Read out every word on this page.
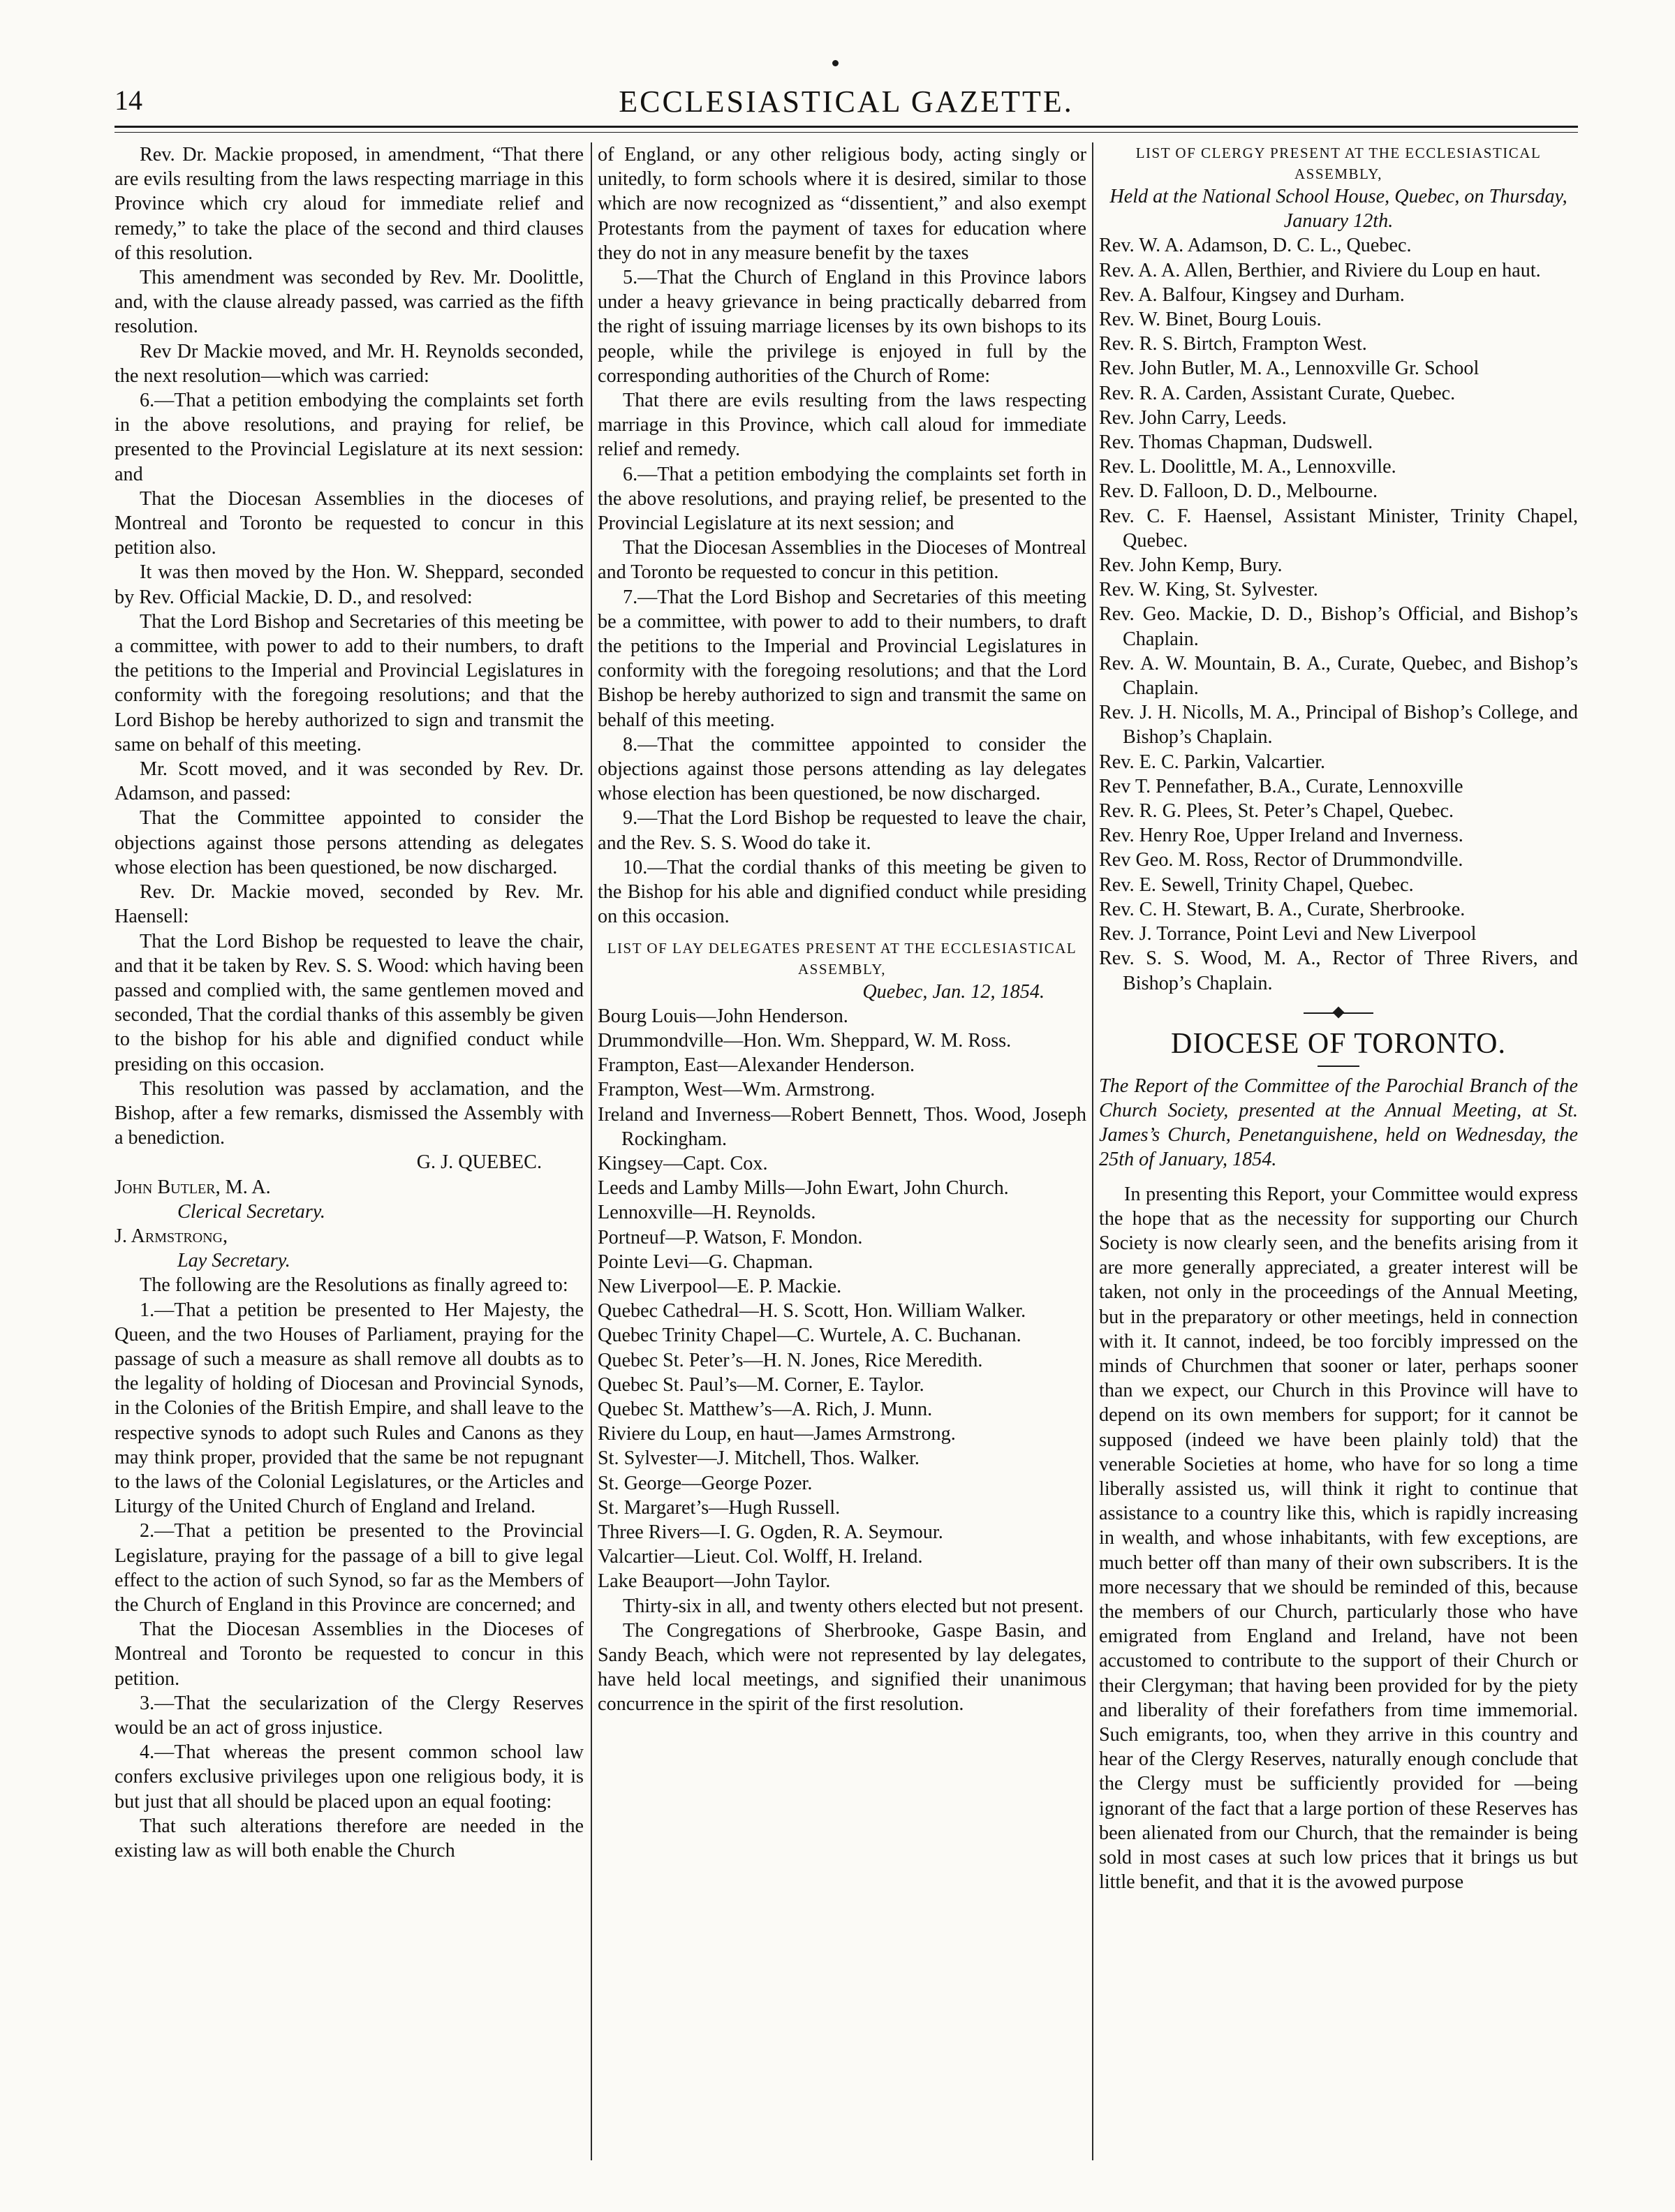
14	ECCLESIASTICAL GAZETTE.

Rev. Dr. Mackie proposed, in amendment, “That there are evils resulting from the laws respecting marriage in this Province which cry aloud for immediate relief and remedy,” to take the place of the second and third clauses of this resolution.

This amendment was seconded by Rev. Mr. Doolittle, and, with the clause already passed, was carried as the fifth resolution.

Rev Dr Mackie moved, and Mr. H. Reynolds seconded, the next resolution—which was carried:

6.—That a petition embodying the complaints set forth in the above resolutions, and praying for relief, be presented to the Provincial Legislature at its next session: and

That the Diocesan Assemblies in the dioceses of Montreal and Toronto be requested to concur in this petition also.

It was then moved by the Hon. W. Sheppard, seconded by Rev. Official Mackie, D. D., and resolved:

That the Lord Bishop and Secretaries of this meeting be a committee, with power to add to their numbers, to draft the petitions to the Imperial and Provincial Legislatures in conformity with the foregoing resolutions; and that the Lord Bishop be hereby authorized to sign and transmit the same on behalf of this meeting.

Mr. Scott moved, and it was seconded by Rev. Dr. Adamson, and passed:

That the Committee appointed to consider the objections against those persons attending as delegates whose election has been questioned, be now discharged.

Rev. Dr. Mackie moved, seconded by Rev. Mr. Haensell:

That the Lord Bishop be requested to leave the chair, and that it be taken by Rev. S. S. Wood: which having been passed and complied with, the same gentlemen moved and seconded, That the cordial thanks of this assembly be given to the bishop for his able and dignified conduct while presiding on this occasion.

This resolution was passed by acclamation, and the Bishop, after a few remarks, dismissed the Assembly with a benediction.

G. J. QUEBEC.

John Butler, M. A.

Clerical Secretary.

J. Armstrong,

Lay Secretary.

The following are the Resolutions as finally agreed to:

1.—That a petition be presented to Her Majesty, the Queen, and the two Houses of Parliament, praying for the passage of such a measure as shall remove all doubts as to the legality of holding of Diocesan and Provincial Synods, in the Colonies of the British Empire, and shall leave to the respective synods to adopt such Rules and Canons as they may think proper, provided that the same be not repugnant to the laws of the Colonial Legislatures, or the Articles and Liturgy of the United Church of England and Ireland.

2.—That a petition be presented to the Provincial Legislature, praying for the passage of a bill to give legal effect to the action of such Synod, so far as the Members of the Church of England in this Province are concerned; and

That the Diocesan Assemblies in the Dioceses of Montreal and Toronto be requested to concur in this petition.

3.—That the secularization of the Clergy Reserves would be an act of gross injustice.

4.—That whereas the present common school law confers exclusive privileges upon one religious body, it is but just that all should be placed upon an equal footing:

That such alterations therefore are needed in the existing law as will both enable the Church

of England, or any other religious body, acting singly or unitedly, to form schools where it is desired, similar to those which are now recognized as “dissentient,” and also exempt Protestants from the payment of taxes for education where they do not in any measure benefit by the taxes

5.—That the Church of England in this Province labors under a heavy grievance in being practically debarred from the right of issuing marriage licenses by its own bishops to its people, while the privilege is enjoyed in full by the corresponding authorities of the Church of Rome:

That there are evils resulting from the laws respecting marriage in this Province, which call aloud for immediate relief and remedy.

6.—That a petition embodying the complaints set forth in the above resolutions, and praying relief, be presented to the Provincial Legislature at its next session; and

That the Diocesan Assemblies in the Dioceses of Montreal and Toronto be requested to concur in this petition.

7.—That the Lord Bishop and Secretaries of this meeting be a committee, with power to add to their numbers, to draft the petitions to the Imperial and Provincial Legislatures in conformity with the foregoing resolutions; and that the Lord Bishop be hereby authorized to sign and transmit the same on behalf of this meeting.

8.—That the committee appointed to consider the objections against those persons attending as lay delegates whose election has been questioned, be now discharged.

9.—That the Lord Bishop be requested to leave the chair, and the Rev. S. S. Wood do take it.

10.—That the cordial thanks of this meeting be given to the Bishop for his able and dignified conduct while presiding on this occasion.

LIST OF LAY DELEGATES PRESENT AT THE ECCLESIASTICAL ASSEMBLY,

Quebec, Jan. 12, 1854.

Bourg Louis—John Henderson.

Drummondville—Hon. Wm. Sheppard, W. M. Ross.

Frampton, East—Alexander Henderson.

Frampton, West—Wm. Armstrong.

Ireland and Inverness—Robert Bennett, Thos. Wood, Joseph Rockingham.

Kingsey—Capt. Cox.

Leeds and Lamby Mills—John Ewart, John Church.

Lennoxville—H. Reynolds.

Portneuf—P. Watson, F. Mondon.

Pointe Levi—G. Chapman.

New Liverpool—E. P. Mackie.

Quebec Cathedral—H. S. Scott, Hon. William Walker.

Quebec Trinity Chapel—C. Wurtele, A. C. Buchanan.

Quebec St. Peter’s—H. N. Jones, Rice Meredith.

Quebec St. Paul’s—M. Corner, E. Taylor.

Quebec St. Matthew’s—A. Rich, J. Munn.

Riviere du Loup, en haut—James Armstrong.

St. Sylvester—J. Mitchell, Thos. Walker.

St. George—George Pozer.

St. Margaret’s—Hugh Russell.

Three Rivers—I. G. Ogden, R. A. Seymour.

Valcartier—Lieut. Col. Wolff, H. Ireland.

Lake Beauport—John Taylor.

Thirty-six in all, and twenty others elected but not present.

The Congregations of Sherbrooke, Gaspe Basin, and Sandy Beach, which were not represented by lay delegates, have held local meetings, and signified their unanimous concurrence in the spirit of the first resolution.

LIST OF CLERGY PRESENT AT THE ECCLESIASTICAL ASSEMBLY,

Held at the National School House, Quebec, on Thursday, January 12th.

Rev. W. A. Adamson, D. C. L., Quebec.

Rev. A. A. Allen, Berthier, and Riviere du Loup en haut.

Rev. A. Balfour, Kingsey and Durham.

Rev. W. Binet, Bourg Louis.

Rev. R. S. Birtch, Frampton West.

Rev. John Butler, M. A., Lennoxville Gr. School

Rev. R. A. Carden, Assistant Curate, Quebec.

Rev. John Carry, Leeds.

Rev. Thomas Chapman, Dudswell.

Rev. L. Doolittle, M. A., Lennoxville.

Rev. D. Falloon, D. D., Melbourne.

Rev. C. F. Haensel, Assistant Minister, Trinity Chapel, Quebec.

Rev. John Kemp, Bury.

Rev. W. King, St. Sylvester.

Rev. Geo. Mackie, D. D., Bishop’s Official, and Bishop’s Chaplain.

Rev. A. W. Mountain, B. A., Curate, Quebec, and Bishop’s Chaplain.

Rev. J. H. Nicolls, M. A., Principal of Bishop’s College, and Bishop’s Chaplain.

Rev. E. C. Parkin, Valcartier.

Rev T. Pennefather, B.A., Curate, Lennoxville

Rev. R. G. Plees, St. Peter’s Chapel, Quebec.

Rev. Henry Roe, Upper Ireland and Inverness.

Rev Geo. M. Ross, Rector of Drummondville.

Rev. E. Sewell, Trinity Chapel, Quebec.

Rev. C. H. Stewart, B. A., Curate, Sherbrooke.

Rev. J. Torrance, Point Levi and New Liverpool

Rev. S. S. Wood, M. A., Rector of Three Rivers, and Bishop’s Chaplain.

DIOCESE OF TORONTO.

The Report of the Committee of the Parochial Branch of the Church Society, presented at the Annual Meeting, at St. James’s Church, Penetanguishene, held on Wednesday, the 25th of January, 1854.

In presenting this Report, your Committee would express the hope that as the necessity for supporting our Church Society is now clearly seen, and the benefits arising from it are more generally appreciated, a greater interest will be taken, not only in the proceedings of the Annual Meeting, but in the preparatory or other meetings, held in connection with it. It cannot, indeed, be too forcibly impressed on the minds of Churchmen that sooner or later, perhaps sooner than we expect, our Church in this Province will have to depend on its own members for support; for it cannot be supposed (indeed we have been plainly told) that the venerable Societies at home, who have for so long a time liberally assisted us, will think it right to continue that assistance to a country like this, which is rapidly increasing in wealth, and whose inhabitants, with few exceptions, are much better off than many of their own subscribers. It is the more necessary that we should be reminded of this, because the members of our Church, particularly those who have emigrated from England and Ireland, have not been accustomed to contribute to the support of their Church or their Clergyman; that having been provided for by the piety and liberality of their forefathers from time immemorial. Such emigrants, too, when they arrive in this country and hear of the Clergy Reserves, naturally enough conclude that the Clergy must be sufficiently provided for —being ignorant of the fact that a large portion of these Reserves has been alienated from our Church, that the remainder is being sold in most cases at such low prices that it brings us but little benefit, and that it is the avowed purpose
